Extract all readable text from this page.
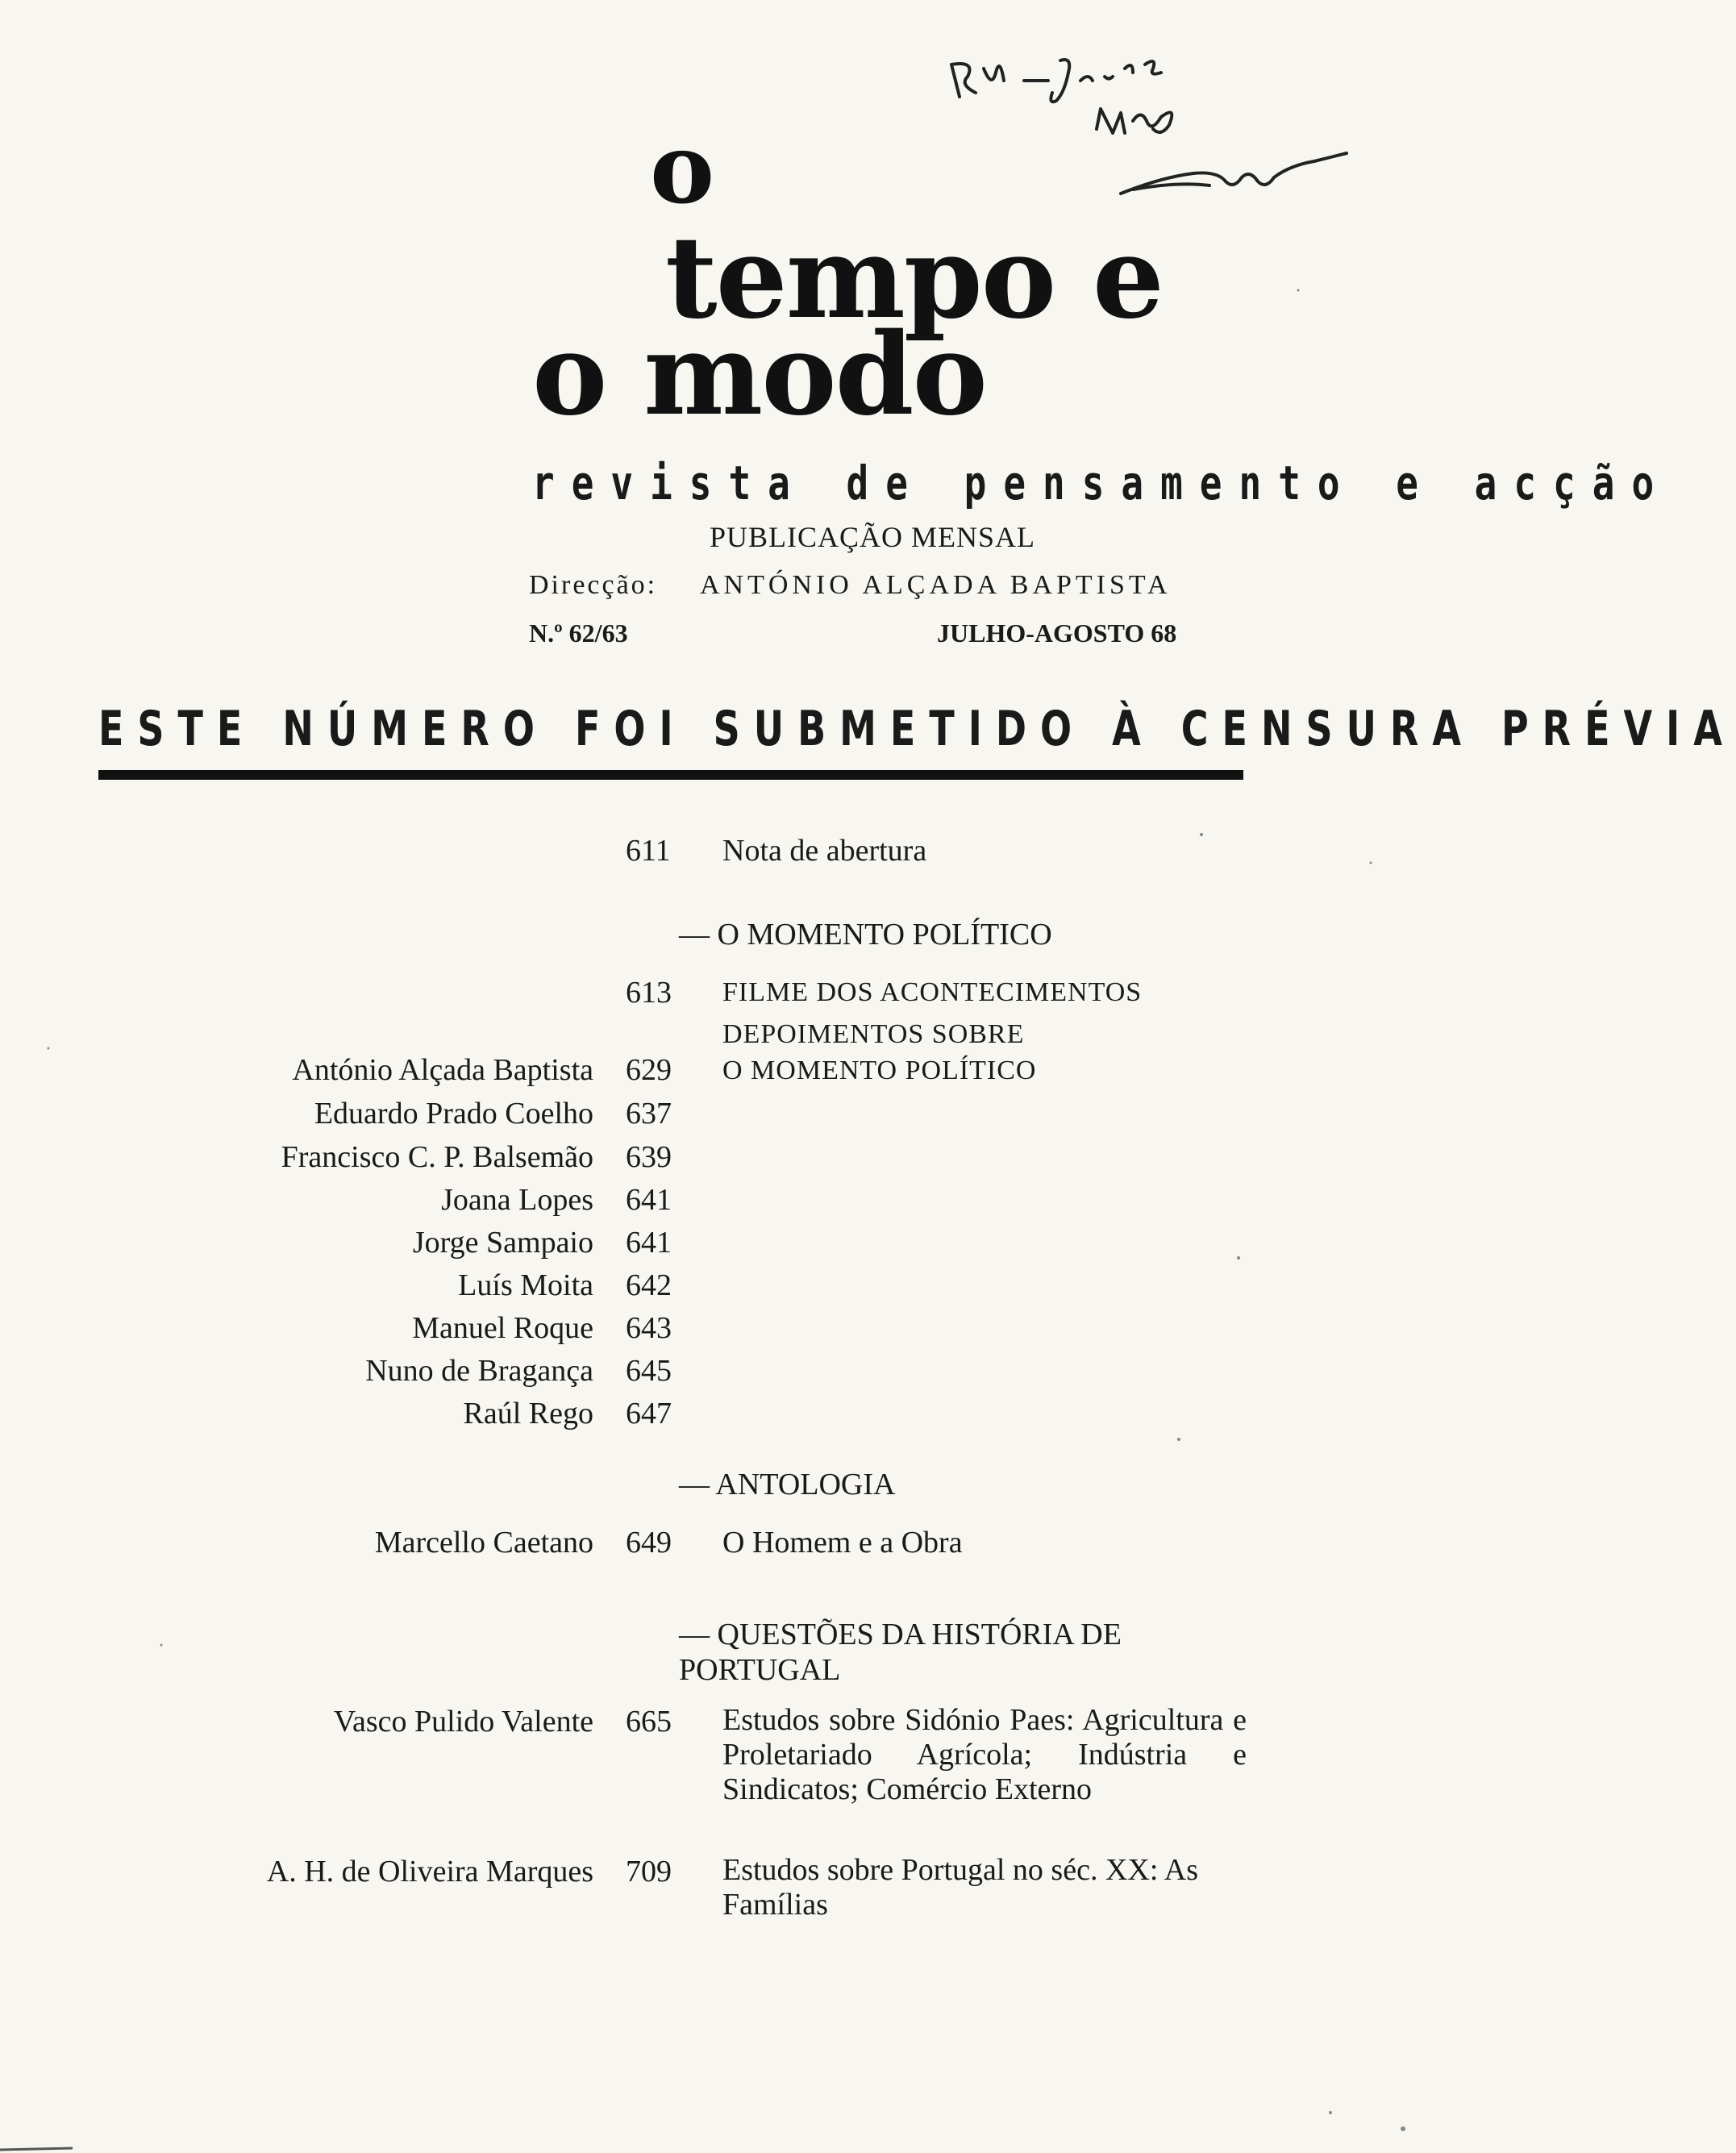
o
tempo e
o modo
revista de pensamento e acção
PUBLICAÇÃO MENSAL
Direcção: ANTÓNIO ALÇADA BAPTISTA
N.º 62/63	JULHO-AGOSTO 68
ESTE NÚMERO FOI SUBMETIDO À CENSURA PRÉVIA
611 Nota de abertura
— O MOMENTO POLÍTICO
613 FILME DOS ACONTECIMENTOS
DEPOIMENTOS SOBRE
O MOMENTO POLÍTICO
António Alçada Baptista 629
Eduardo Prado Coelho 637
Francisco C. P. Balsemão 639
Joana Lopes 641
Jorge Sampaio 641
Luís Moita 642
Manuel Roque 643
Nuno de Bragança 645
Raúl Rego 647
— ANTOLOGIA
Marcello Caetano 649 O Homem e a Obra
— QUESTÕES DA HISTÓRIA DE PORTUGAL
Vasco Pulido Valente 665 Estudos sobre Sidónio Paes: Agricultura e Proletariado Agrícola; Indústria e Sindicatos; Comércio Externo
A. H. de Oliveira Marques 709 Estudos sobre Portugal no séc. XX: As Famílias
